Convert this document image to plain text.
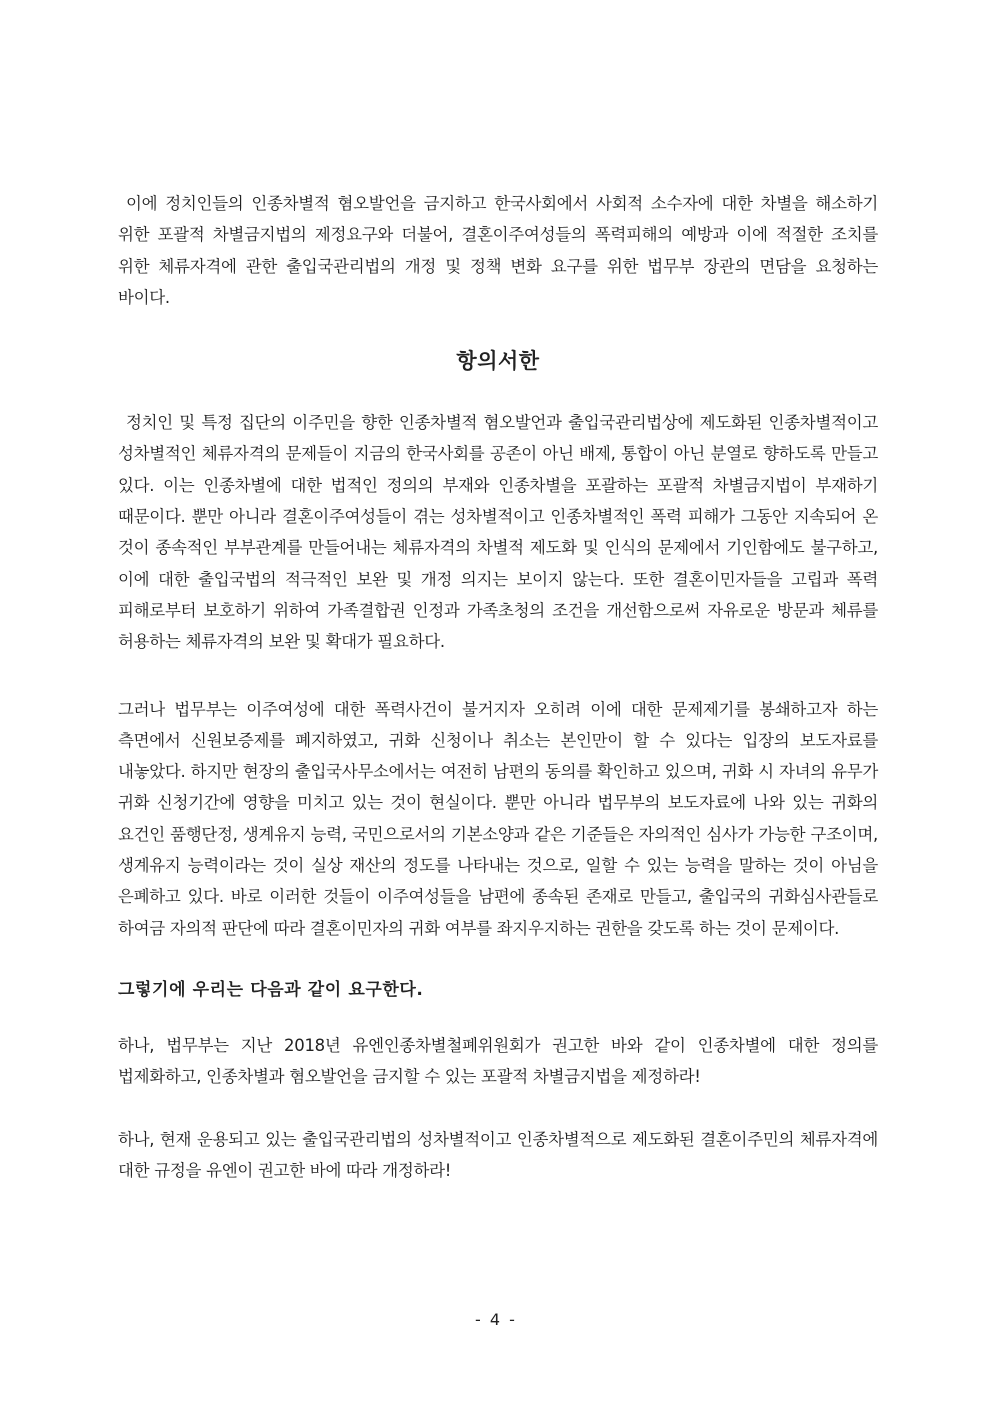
이에 정치인들의 인종차별적 혐오발언을 금지하고 한국사회에서 사회적 소수자에 대한 차별을 해소하기 위한 포괄적 차별금지법의 제정요구와 더불어, 결혼이주여성들의 폭력피해의 예방과 이에 적절한 조치를 위한 체류자격에 관한 출입국관리법의 개정 및 정책 변화 요구를 위한 법무부 장관의 면담을 요청하는 바이다.

항의서한

정치인 및 특정 집단의 이주민을 향한 인종차별적 혐오발언과 출입국관리법상에 제도화된 인종차별적이고 성차별적인 체류자격의 문제들이 지금의 한국사회를 공존이 아닌 배제, 통합이 아닌 분열로 향하도록 만들고 있다. 이는 인종차별에 대한 법적인 정의의 부재와 인종차별을 포괄하는 포괄적 차별금지법이 부재하기 때문이다. 뿐만 아니라 결혼이주여성들이 겪는 성차별적이고 인종차별적인 폭력 피해가 그동안 지속되어 온 것이 종속적인 부부관계를 만들어내는 체류자격의 차별적 제도화 및 인식의 문제에서 기인함에도 불구하고, 이에 대한 출입국법의 적극적인 보완 및 개정 의지는 보이지 않는다. 또한 결혼이민자들을 고립과 폭력 피해로부터 보호하기 위하여 가족결합권 인정과 가족초청의 조건을 개선함으로써 자유로운 방문과 체류를 허용하는 체류자격의 보완 및 확대가 필요하다.

그러나 법무부는 이주여성에 대한 폭력사건이 불거지자 오히려 이에 대한 문제제기를 봉쇄하고자 하는 측면에서 신원보증제를 폐지하였고, 귀화 신청이나 취소는 본인만이 할 수 있다는 입장의 보도자료를 내놓았다. 하지만 현장의 출입국사무소에서는 여전히 남편의 동의를 확인하고 있으며, 귀화 시 자녀의 유무가 귀화 신청기간에 영향을 미치고 있는 것이 현실이다. 뿐만 아니라 법무부의 보도자료에 나와 있는 귀화의 요건인 품행단정, 생계유지 능력, 국민으로서의 기본소양과 같은 기준들은 자의적인 심사가 가능한 구조이며, 생계유지 능력이라는 것이 실상 재산의 정도를 나타내는 것으로, 일할 수 있는 능력을 말하는 것이 아님을 은폐하고 있다. 바로 이러한 것들이 이주여성들을 남편에 종속된 존재로 만들고, 출입국의 귀화심사관들로 하여금 자의적 판단에 따라 결혼이민자의 귀화 여부를 좌지우지하는 권한을 갖도록 하는 것이 문제이다.

그렇기에 우리는 다음과 같이 요구한다.

하나, 법무부는 지난 2018년 유엔인종차별철폐위원회가 권고한 바와 같이 인종차별에 대한 정의를 법제화하고, 인종차별과 혐오발언을 금지할 수 있는 포괄적 차별금지법을 제정하라!

하나, 현재 운용되고 있는 출입국관리법의 성차별적이고 인종차별적으로 제도화된 결혼이주민의 체류자격에 대한 규정을 유엔이 권고한 바에 따라 개정하라!

- 4 -
